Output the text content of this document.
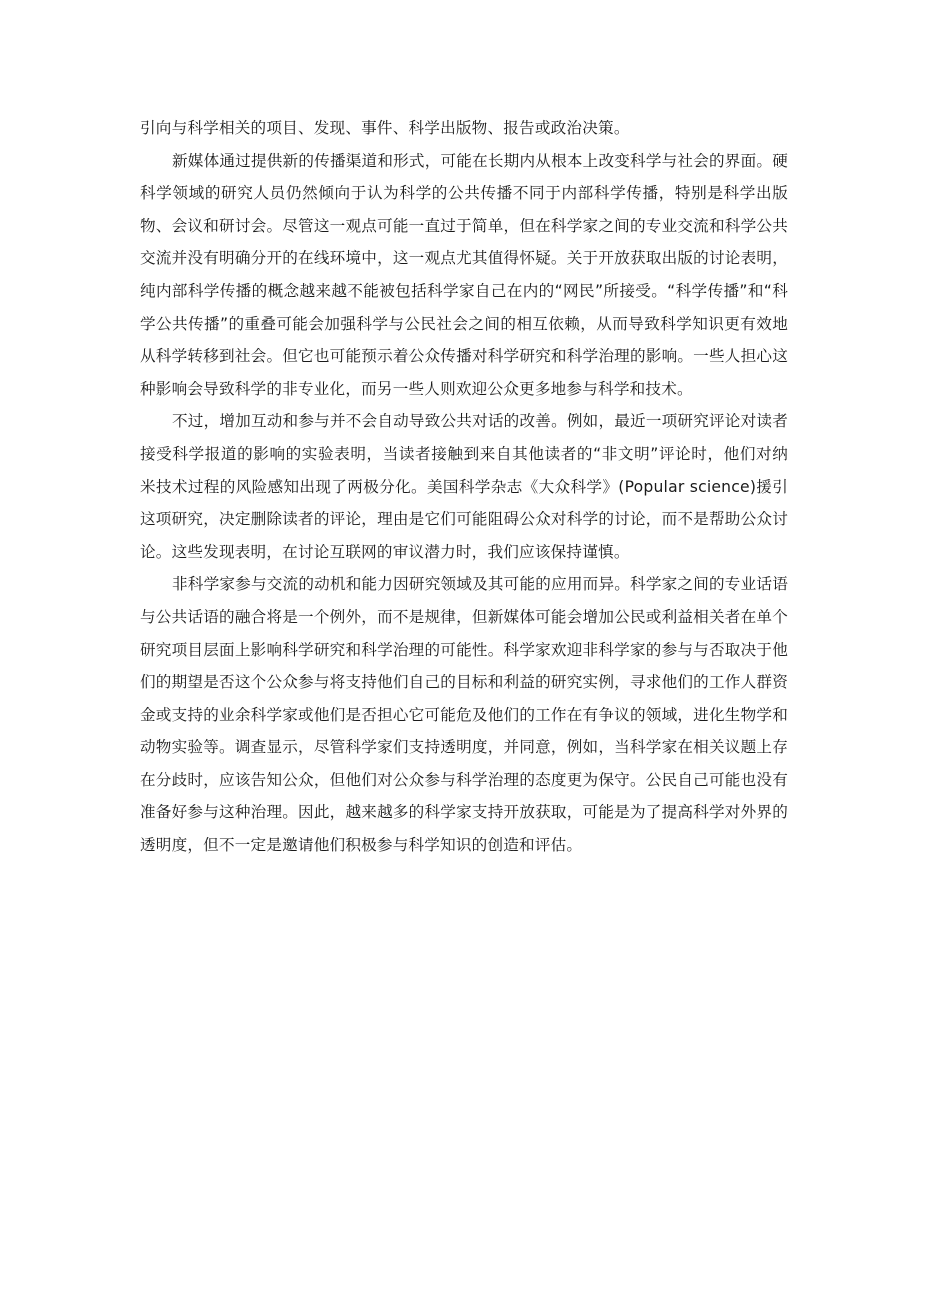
引向与科学相关的项目、发现、事件、科学出版物、报告或政治决策。

新媒体通过提供新的传播渠道和形式，可能在长期内从根本上改变科学与社会的界面。硬科学领域的研究人员仍然倾向于认为科学的公共传播不同于内部科学传播，特别是科学出版物、会议和研讨会。尽管这一观点可能一直过于简单，但在科学家之间的专业交流和科学公共交流并没有明确分开的在线环境中，这一观点尤其值得怀疑。关于开放获取出版的讨论表明，纯内部科学传播的概念越来越不能被包括科学家自己在内的“网民”所接受。“科学传播”和“科学公共传播”的重叠可能会加强科学与公民社会之间的相互依赖，从而导致科学知识更有效地从科学转移到社会。但它也可能预示着公众传播对科学研究和科学治理的影响。一些人担心这种影响会导致科学的非专业化，而另一些人则欢迎公众更多地参与科学和技术。

不过，增加互动和参与并不会自动导致公共对话的改善。例如，最近一项研究评论对读者接受科学报道的影响的实验表明，当读者接触到来自其他读者的“非文明”评论时，他们对纳米技术过程的风险感知出现了两极分化。美国科学杂志《大众科学》(Popular science)援引这项研究，决定删除读者的评论，理由是它们可能阻碍公众对科学的讨论，而不是帮助公众讨论。这些发现表明，在讨论互联网的审议潜力时，我们应该保持谨慎。

非科学家参与交流的动机和能力因研究领域及其可能的应用而异。科学家之间的专业话语与公共话语的融合将是一个例外，而不是规律，但新媒体可能会增加公民或利益相关者在单个研究项目层面上影响科学研究和科学治理的可能性。科学家欢迎非科学家的参与与否取决于他们的期望是否这个公众参与将支持他们自己的目标和利益的研究实例，寻求他们的工作人群资金或支持的业余科学家或他们是否担心它可能危及他们的工作在有争议的领域，进化生物学和动物实验等。调查显示，尽管科学家们支持透明度，并同意，例如，当科学家在相关议题上存在分歧时，应该告知公众，但他们对公众参与科学治理的态度更为保守。公民自己可能也没有准备好参与这种治理。因此，越来越多的科学家支持开放获取，可能是为了提高科学对外界的透明度，但不一定是邀请他们积极参与科学知识的创造和评估。
